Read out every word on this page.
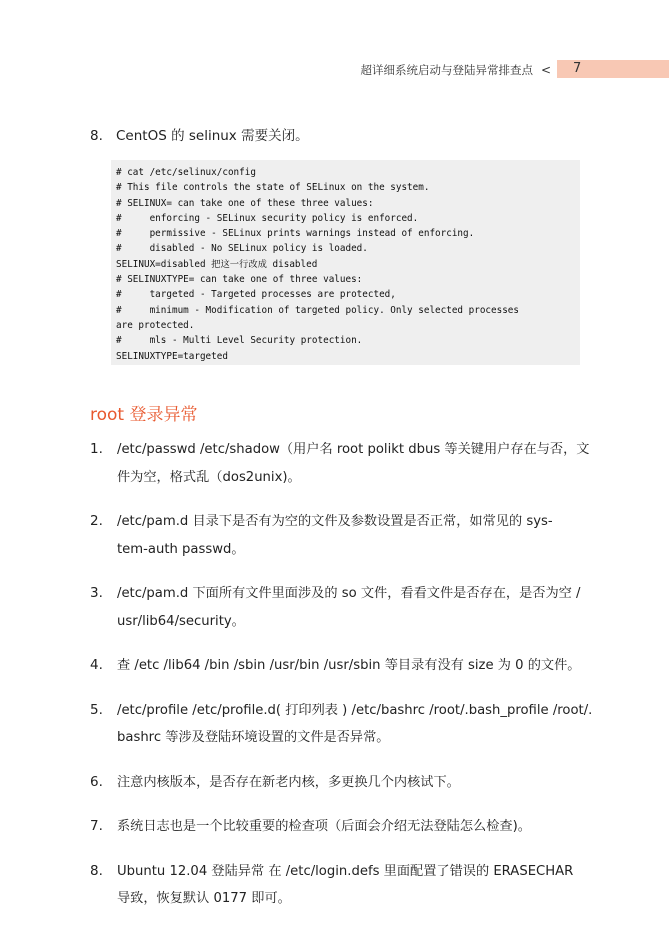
超详细系统启动与登陆异常排查点 < 7
8. CentOS 的 selinux 需要关闭。
# cat /etc/selinux/config
# This file controls the state of SELinux on the system.
# SELINUX= can take one of these three values:
#     enforcing - SELinux security policy is enforced.
#     permissive - SELinux prints warnings instead of enforcing.
#     disabled - No SELinux policy is loaded.
SELINUX=disabled 把这一行改成 disabled
# SELINUXTYPE= can take one of three values:
#     targeted - Targeted processes are protected,
#     minimum - Modification of targeted policy. Only selected processes
are protected.
#     mls - Multi Level Security protection.
SELINUXTYPE=targeted
root 登录异常
1. /etc/passwd /etc/shadow（用户名 root polikt dbus 等关键用户存在与否，文
件为空，格式乱（dos2unix)。
2. /etc/pam.d 目录下是否有为空的文件及参数设置是否正常，如常见的 sys-
tem-auth passwd。
3. /etc/pam.d 下面所有文件里面涉及的 so 文件，看看文件是否存在，是否为空 /
usr/lib64/security。
4. 查 /etc /lib64 /bin /sbin /usr/bin /usr/sbin 等目录有没有 size 为 0 的文件。
5. /etc/profile /etc/profile.d( 打印列表 ) /etc/bashrc /root/.bash_profile /root/.
bashrc 等涉及登陆环境设置的文件是否异常。
6. 注意内核版本，是否存在新老内核，多更换几个内核试下。
7. 系统日志也是一个比较重要的检查项（后面会介绍无法登陆怎么检查)。
8. Ubuntu 12.04 登陆异常 在 /etc/login.defs 里面配置了错误的 ERASECHAR
导致，恢复默认 0177 即可。
